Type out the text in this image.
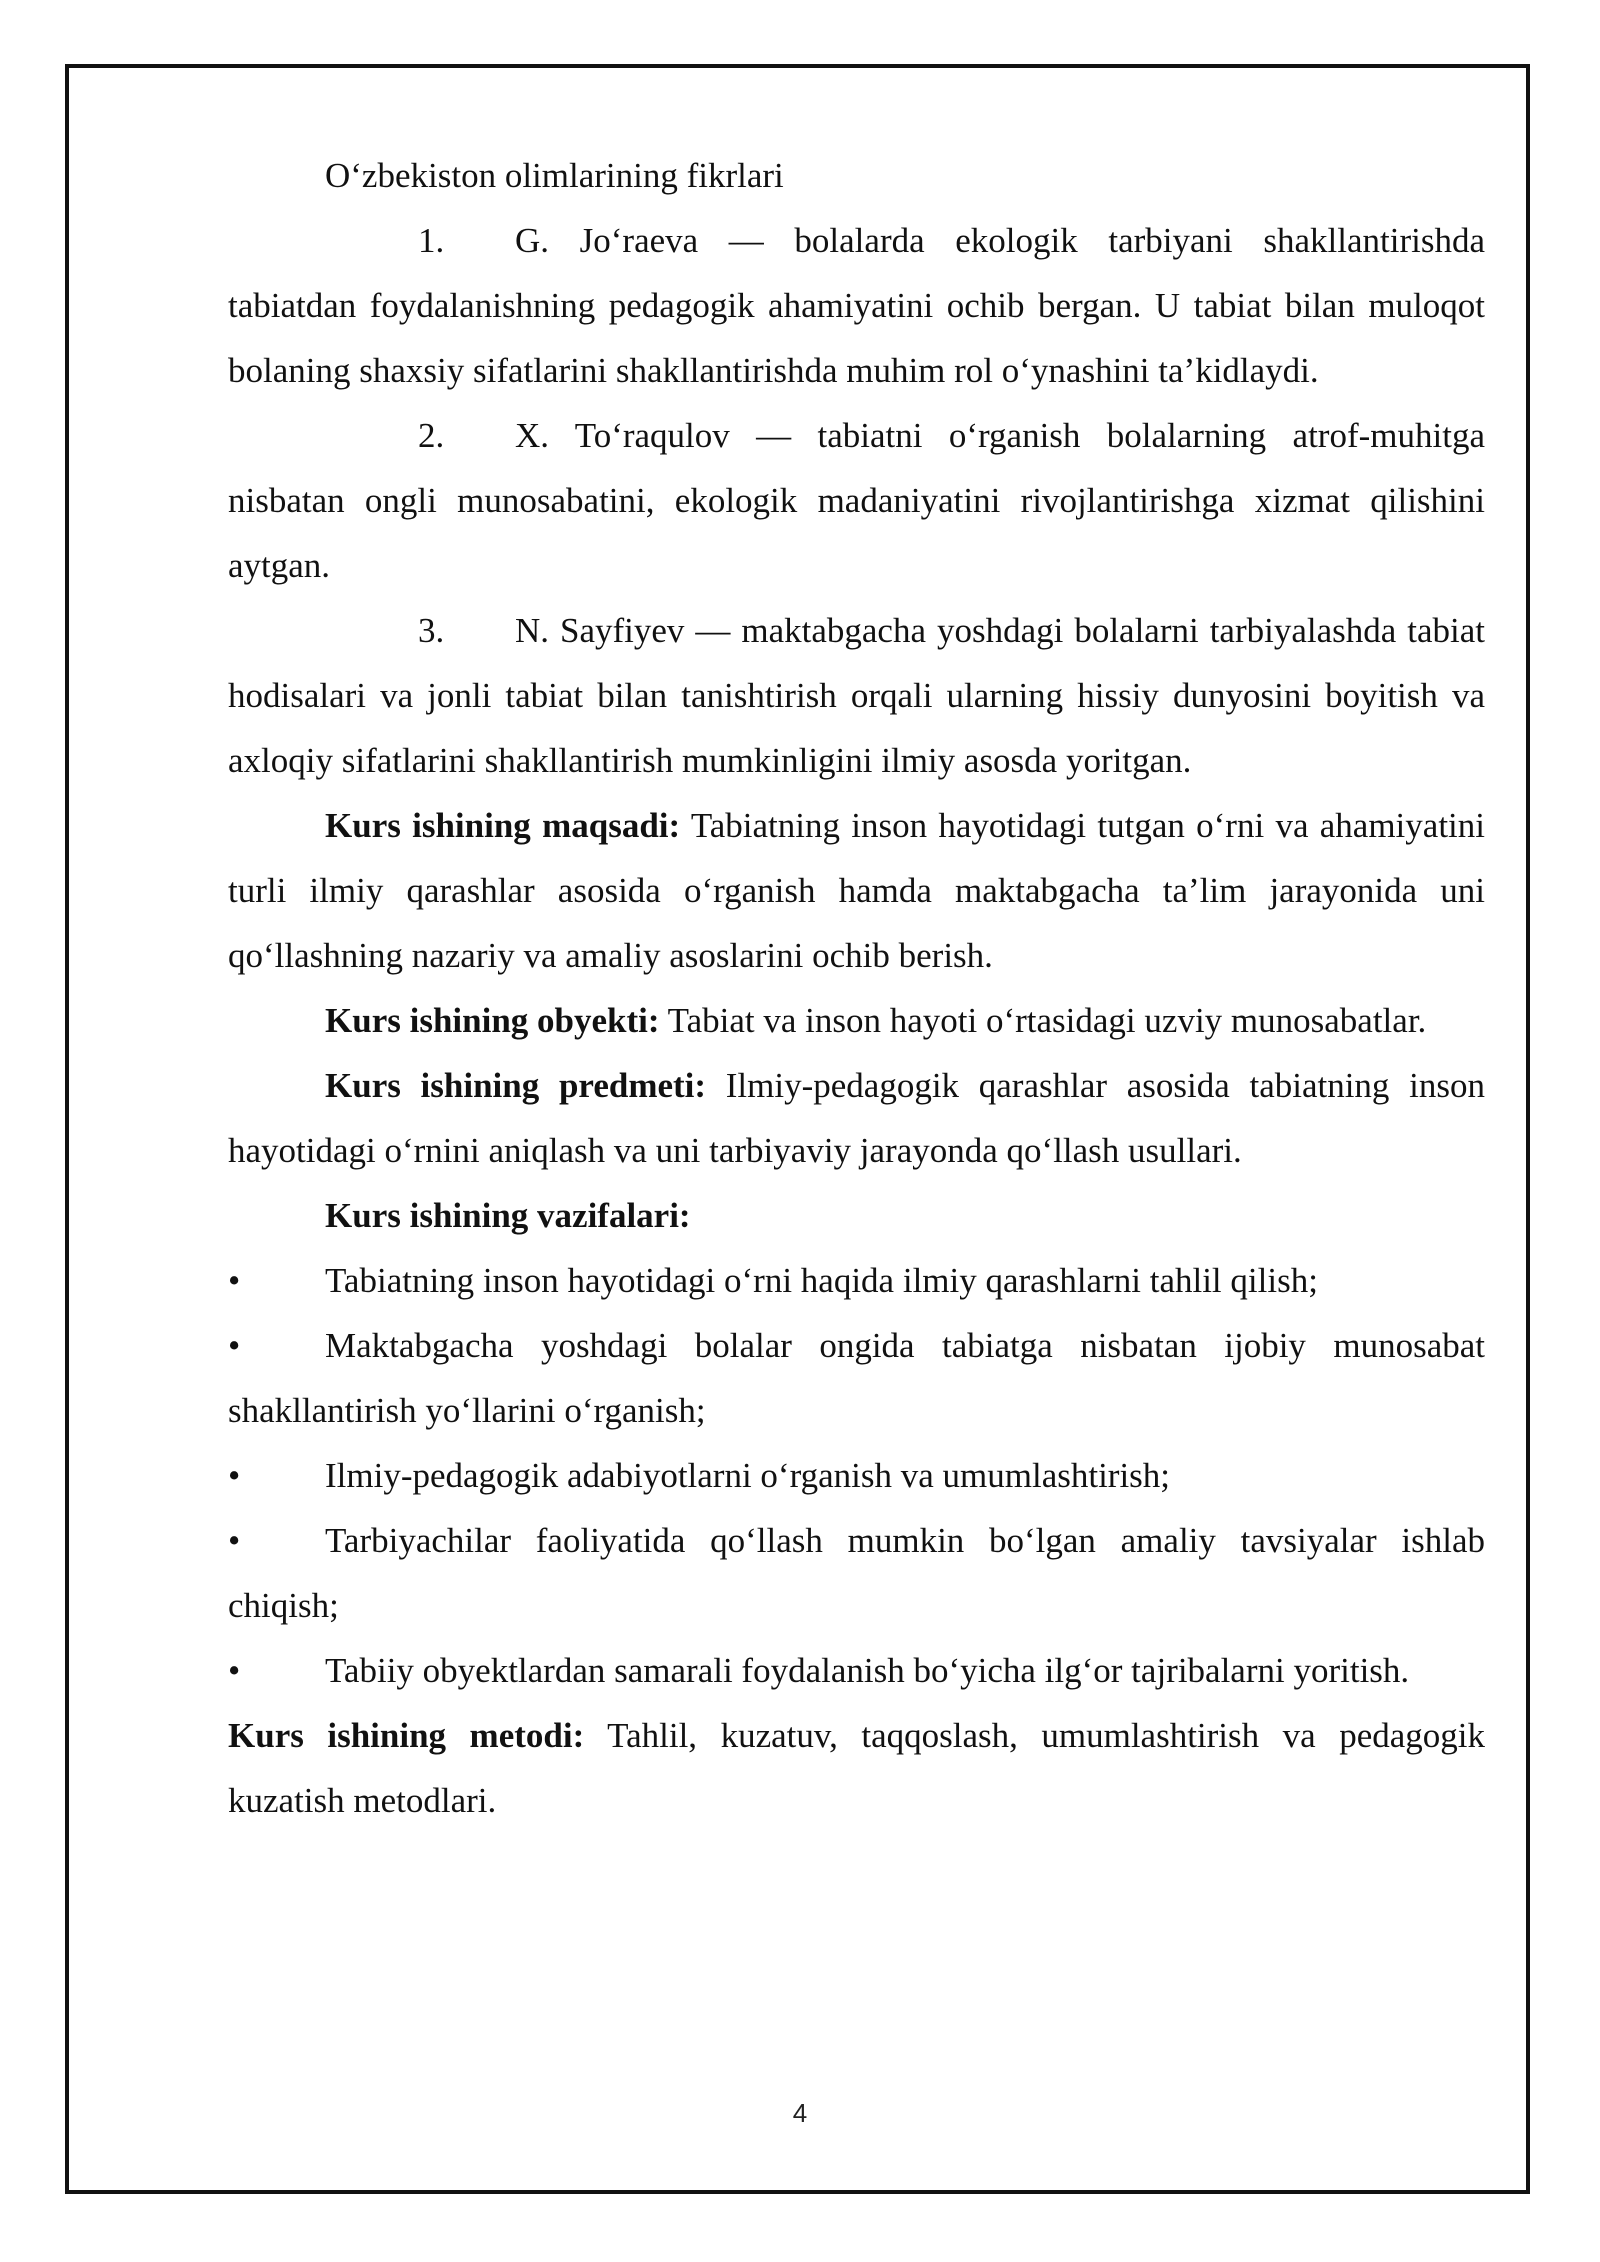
O‘zbekiston olimlarining fikrlari

1. G. Jo‘raeva — bolalarda ekologik tarbiyani shakllantirishda tabiatdan foydalanishning pedagogik ahamiyatini ochib bergan. U tabiat bilan muloqot bolaning shaxsiy sifatlarini shakllantirishda muhim rol o‘ynashini ta’kidlaydi.

2. X. To‘raqulov — tabiatni o‘rganish bolalarning atrof-muhitga nisbatan ongli munosabatini, ekologik madaniyatini rivojlantirishga xizmat qilishini aytgan.

3. N. Sayfiyev — maktabgacha yoshdagi bolalarni tarbiyalashda tabiat hodisalari va jonli tabiat bilan tanishtirish orqali ularning hissiy dunyosini boyitish va axloqiy sifatlarini shakllantirish mumkinligini ilmiy asosda yoritgan.

Kurs ishining maqsadi: Tabiatning inson hayotidagi tutgan o‘rni va ahamiyatini turli ilmiy qarashlar asosida o‘rganish hamda maktabgacha ta’lim jarayonida uni qo‘llashning nazariy va amaliy asoslarini ochib berish.

Kurs ishining obyekti: Tabiat va inson hayoti o‘rtasidagi uzviy munosabatlar.

Kurs ishining predmeti: Ilmiy-pedagogik qarashlar asosida tabiatning inson hayotidagi o‘rnini aniqlash va uni tarbiyaviy jarayonda qo‘llash usullari.

Kurs ishining vazifalari:

• Tabiatning inson hayotidagi o‘rni haqida ilmiy qarashlarni tahlil qilish;

• Maktabgacha yoshdagi bolalar ongida tabiatga nisbatan ijobiy munosabat shakllantirish yo‘llarini o‘rganish;

• Ilmiy-pedagogik adabiyotlarni o‘rganish va umumlashtirish;

• Tarbiyachilar faoliyatida qo‘llash mumkin bo‘lgan amaliy tavsiyalar ishlab chiqish;

• Tabiiy obyektlardan samarali foydalanish bo‘yicha ilg‘or tajribalarni yoritish.

Kurs ishining metodi: Tahlil, kuzatuv, taqqoslash, umumlashtirish va pedagogik kuzatish metodlari.

4
